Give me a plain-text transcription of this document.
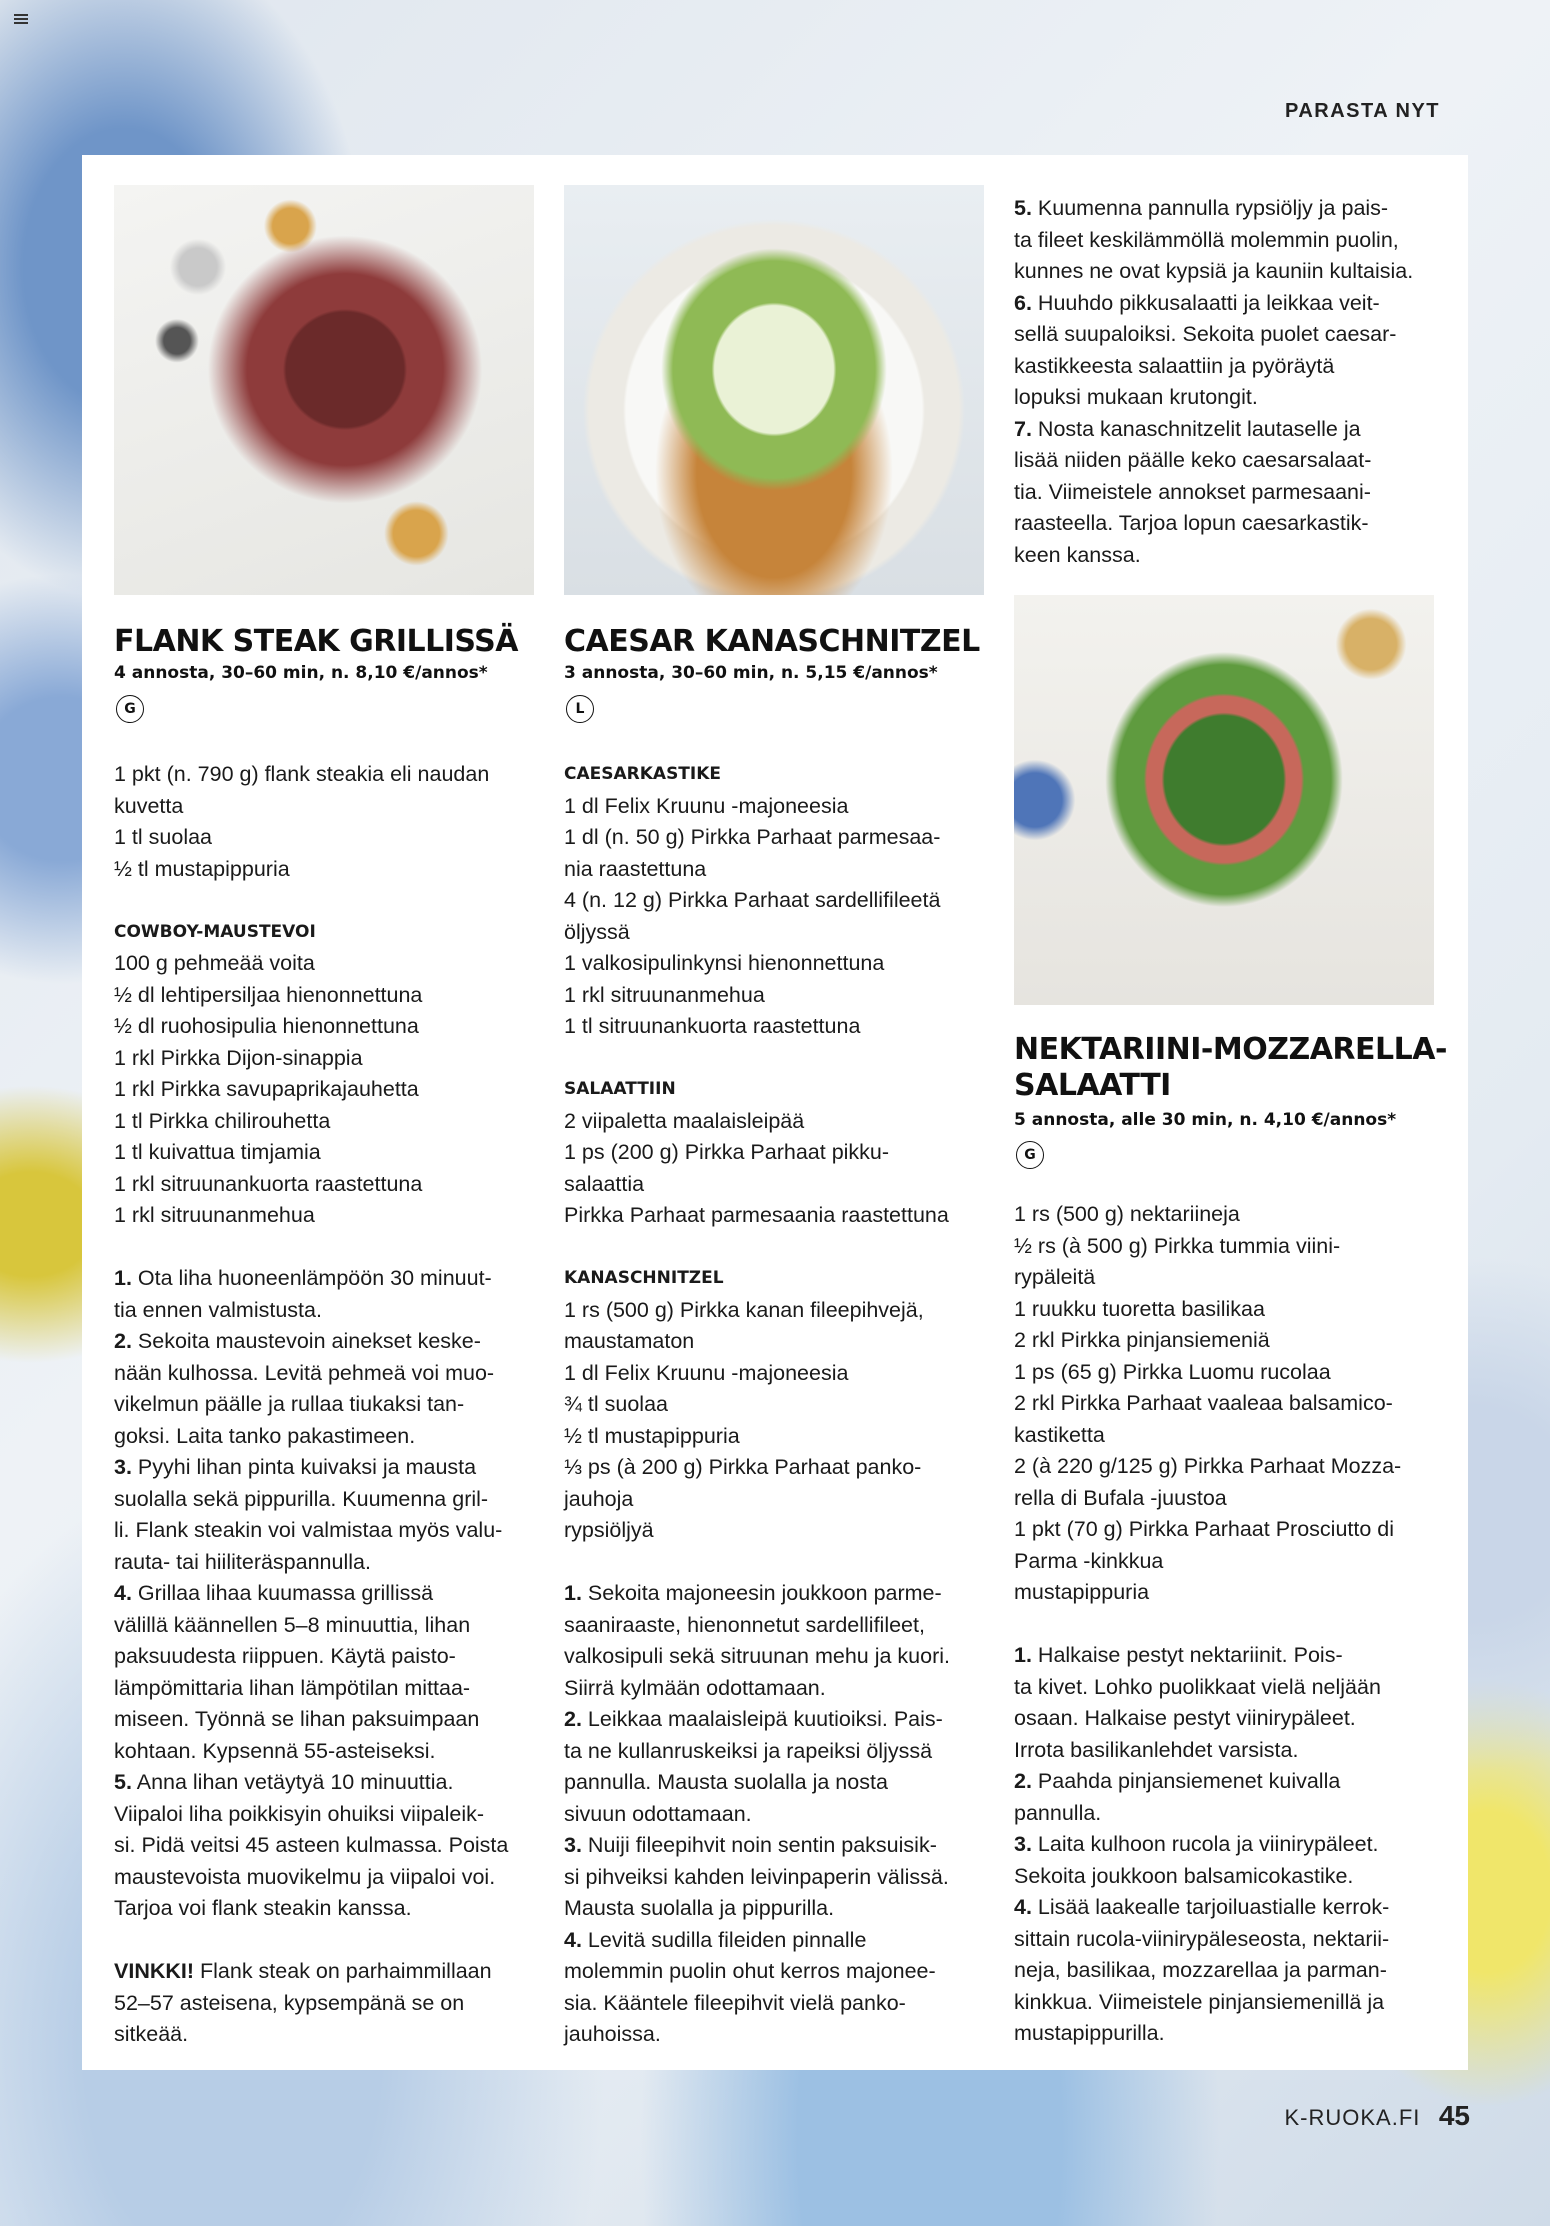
PARASTA NYT
FLANK STEAK GRILLISSÄ

4 annosta, 30–60 min, n. 8,10 €/annos*

G

1 pkt (n. 790 g) flank steakia eli naudan

kuvetta

1 tl suolaa

½ tl mustapippuria

COWBOY-MAUSTEVOI

100 g pehmeää voita

½ dl lehtipersiljaa hienonnettuna

½ dl ruohosipulia hienonnettuna

1 rkl Pirkka Dijon-sinappia

1 rkl Pirkka savupaprikajauhetta

1 tl Pirkka chilirouhetta

1 tl kuivattua timjamia

1 rkl sitruunankuorta raastettuna

1 rkl sitruunanmehua

1. Ota liha huoneenlämpöön 30 minuut-

tia ennen valmistusta.

2. Sekoita maustevoin ainekset keske-

nään kulhossa. Levitä pehmeä voi muo-

vikelmun päälle ja rullaa tiukaksi tan-

goksi. Laita tanko pakastimeen.

3. Pyyhi lihan pinta kuivaksi ja mausta

suolalla sekä pippurilla. Kuumenna gril-

li. Flank steakin voi valmistaa myös valu-

rauta- tai hiiliteräspannulla.

4. Grillaa lihaa kuumassa grillissä

välillä käännellen 5–8 minuuttia, lihan

paksuudesta riippuen. Käytä paisto-

lämpömittaria lihan lämpötilan mittaa-

miseen. Työnnä se lihan paksuimpaan

kohtaan. Kypsennä 55-asteiseksi.

5. Anna lihan vetäytyä 10 minuuttia.

Viipaloi liha poikkisyin ohuiksi viipaleik-

si. Pidä veitsi 45 asteen kulmassa. Poista

maustevoista muovikelmu ja viipaloi voi.

Tarjoa voi flank steakin kanssa.

VINKKI! Flank steak on parhaimmillaan

52–57 asteisena, kypsempänä se on

sitkeää.

CAESAR KANASCHNITZEL

3 annosta, 30–60 min, n. 5,15 €/annos*

L

CAESARKASTIKE

1 dl Felix Kruunu -majoneesia

1 dl (n. 50 g) Pirkka Parhaat parmesaa-

nia raastettuna

4 (n. 12 g) Pirkka Parhaat sardellifileetä

öljyssä

1 valkosipulinkynsi hienonnettuna

1 rkl sitruunanmehua

1 tl sitruunankuorta raastettuna

SALAATTIIN

2 viipaletta maalaisleipää

1 ps (200 g) Pirkka Parhaat pikku-

salaattia

Pirkka Parhaat parmesaania raastettuna

KANASCHNITZEL

1 rs (500 g) Pirkka kanan fileepihvejä,

maustamaton

1 dl Felix Kruunu -majoneesia

¾ tl suolaa

½ tl mustapippuria

⅓ ps (à 200 g) Pirkka Parhaat panko-

jauhoja

rypsiöljyä

1. Sekoita majoneesin joukkoon parme-

saaniraaste, hienonnetut sardellifileet,

valkosipuli sekä sitruunan mehu ja kuori.

Siirrä kylmään odottamaan.

2. Leikkaa maalaisleipä kuutioiksi. Pais-

ta ne kullanruskeiksi ja rapeiksi öljyssä

pannulla. Mausta suolalla ja nosta

sivuun odottamaan.

3. Nuiji fileepihvit noin sentin paksuisik-

si pihveiksi kahden leivinpaperin välissä.

Mausta suolalla ja pippurilla.

4. Levitä sudilla fileiden pinnalle

molemmin puolin ohut kerros majonee-

sia. Kääntele fileepihvit vielä panko-

jauhoissa.

5. Kuumenna pannulla rypsiöljy ja pais-

ta fileet keskilämmöllä molemmin puolin,

kunnes ne ovat kypsiä ja kauniin kultaisia.

6. Huuhdo pikkusalaatti ja leikkaa veit-

sellä suupaloiksi. Sekoita puolet caesar-

kastikkeesta salaattiin ja pyöräytä

lopuksi mukaan krutongit.

7. Nosta kanaschnitzelit lautaselle ja

lisää niiden päälle keko caesarsalaat-

tia. Viimeistele annokset parmesaani-

raasteella. Tarjoa lopun caesarkastik-

keen kanssa.

NEKTARIINI-MOZZARELLA-
SALAATTI

5 annosta, alle 30 min, n. 4,10 €/annos*

G

1 rs (500 g) nektariineja

½ rs (à 500 g) Pirkka tummia viini-

rypäleitä

1 ruukku tuoretta basilikaa

2 rkl Pirkka pinjansiemeniä

1 ps (65 g) Pirkka Luomu rucolaa

2 rkl Pirkka Parhaat vaaleaa balsamico-

kastiketta

2 (à 220 g/125 g) Pirkka Parhaat Mozza-

rella di Bufala -juustoa

1 pkt (70 g) Pirkka Parhaat Prosciutto di

Parma -kinkkua

mustapippuria

1. Halkaise pestyt nektariinit. Pois-

ta kivet. Lohko puolikkaat vielä neljään

osaan. Halkaise pestyt viinirypäleet.

Irrota basilikanlehdet varsista.

2. Paahda pinjansiemenet kuivalla

pannulla.

3. Laita kulhoon rucola ja viinirypäleet.

Sekoita joukkoon balsamicokastike.

4. Lisää laakealle tarjoiluastialle kerrok-

sittain rucola-viinirypäleseosta, nektarii-

neja, basilikaa, mozzarellaa ja parman-

kinkkua. Viimeistele pinjansiemenillä ja

mustapippurilla.

K-RUOKA.FI 45
